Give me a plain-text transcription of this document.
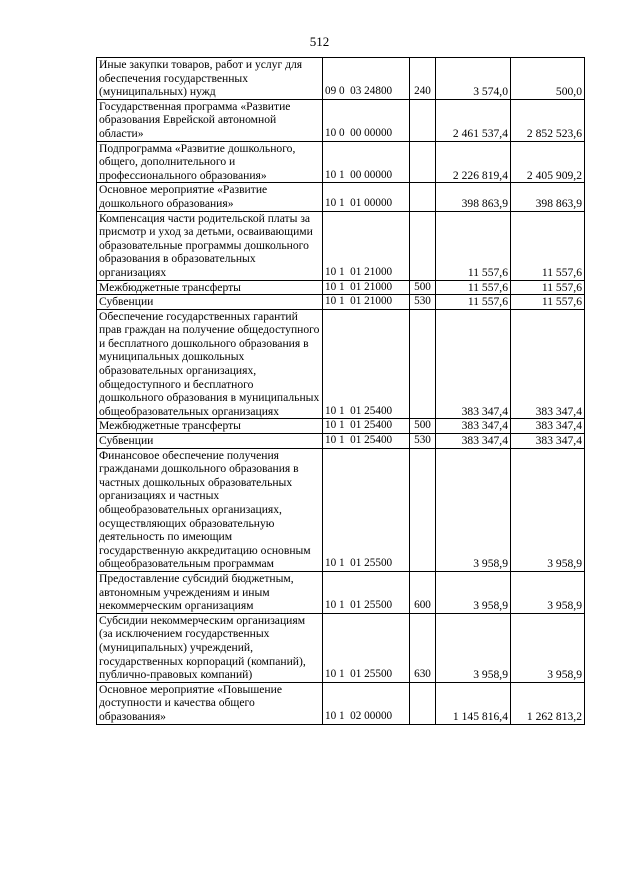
512
Иные закупки товаров, работ и услуг для обеспечения государственных (муниципальных) нужд	09 0  03 24800	240	3 574,0	500,0
Государственная программа «Развитие образования Еврейской автономной области»	10 0  00 00000		2 461 537,4	2 852 523,6
Подпрограмма «Развитие дошкольного, общего, дополнительного и профессионального образования»	10 1  00 00000		2 226 819,4	2 405 909,2
Основное мероприятие «Развитие дошкольного образования»	10 1  01 00000		398 863,9	398 863,9
Компенсация части родительской платы за присмотр и уход за детьми, осваивающими образовательные программы дошкольного образования в образовательных организациях	10 1  01 21000		11 557,6	11 557,6
Межбюджетные трансферты	10 1  01 21000	500	11 557,6	11 557,6
Субвенции	10 1  01 21000	530	11 557,6	11 557,6
Обеспечение государственных гарантий прав граждан на получение общедоступного и бесплатного дошкольного образования в муниципальных дошкольных образовательных организациях, общедоступного и бесплатного дошкольного образования в муниципальных общеобразовательных организациях	10 1  01 25400		383 347,4	383 347,4
Межбюджетные трансферты	10 1  01 25400	500	383 347,4	383 347,4
Субвенции	10 1  01 25400	530	383 347,4	383 347,4
Финансовое обеспечение получения гражданами дошкольного образования в частных дошкольных образовательных организациях и частных общеобразовательных организациях, осуществляющих образовательную деятельность по имеющим государственную аккредитацию основным общеобразовательным программам	10 1  01 25500		3 958,9	3 958,9
Предоставление субсидий бюджетным, автономным учреждениям и иным некоммерческим организациям	10 1  01 25500	600	3 958,9	3 958,9
Субсидии некоммерческим организациям (за исключением государственных (муниципальных) учреждений, государственных корпораций (компаний), публично-правовых компаний)	10 1  01 25500	630	3 958,9	3 958,9
Основное мероприятие «Повышение доступности и качества общего образования»	10 1  02 00000		1 145 816,4	1 262 813,2
